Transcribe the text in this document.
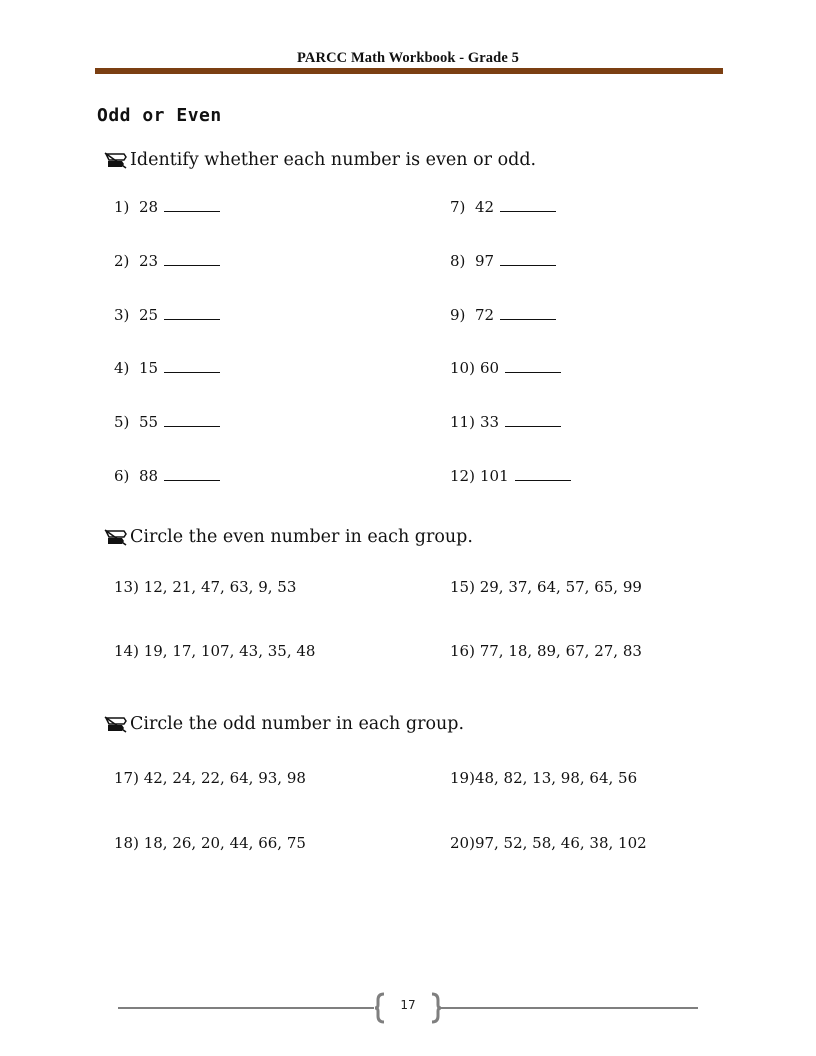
PARCC Math Workbook - Grade 5
Odd or Even
Identify whether each number is even or odd.
1) 28
2) 23
3) 25
4) 15
5) 55
6) 88
7) 42
8) 97
9) 72
10) 60
11) 33
12) 101
Circle the even number in each group.
13) 12, 21, 47, 63, 9, 53
14) 19, 17, 107, 43, 35, 48
15) 29, 37, 64, 57, 65, 99
16) 77, 18, 89, 67, 27, 83
Circle the odd number in each group.
17) 42, 24, 22, 64, 93, 98
18) 18, 26, 20, 44, 66, 75
19)48, 82, 13, 98, 64, 56
20)97, 52, 58, 46, 38, 102
17
